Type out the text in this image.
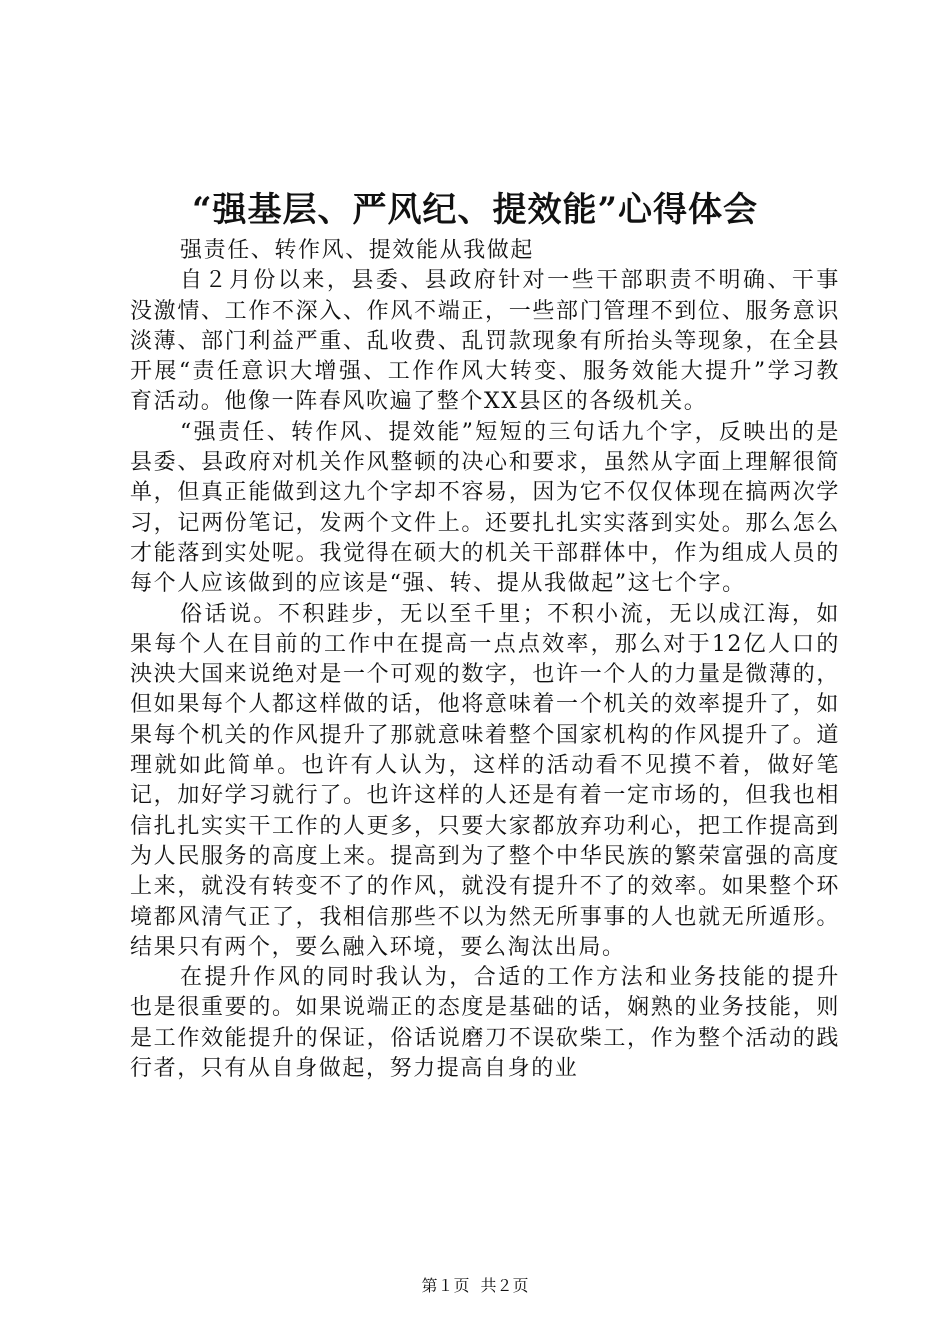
“强基层、严风纪、提效能”心得体会

强责任、转作风、提效能从我做起

自２月份以来，县委、县政府针对一些干部职责不明确、干事没激情、工作不深入、作风不端正，一些部门管理不到位、服务意识淡薄、部门利益严重、乱收费、乱罚款现象有所抬头等现象，在全县开展“责任意识大增强、工作作风大转变、服务效能大提升”学习教育活动。他像一阵春风吹遍了整个XX县区的各级机关。

“强责任、转作风、提效能”短短的三句话九个字，反映出的是县委、县政府对机关作风整顿的决心和要求，虽然从字面上理解很简单，但真正能做到这九个字却不容易，因为它不仅仅体现在搞两次学习，记两份笔记，发两个文件上。还要扎扎实实落到实处。那么怎么才能落到实处呢。我觉得在硕大的机关干部群体中，作为组成人员的每个人应该做到的应该是“强、转、提从我做起”这七个字。

俗话说。不积跬步，无以至千里；不积小流，无以成江海，如果每个人在目前的工作中在提高一点点效率，那么对于12亿人口的泱泱大国来说绝对是一个可观的数字，也许一个人的力量是微薄的，但如果每个人都这样做的话，他将意味着一个机关的效率提升了，如果每个机关的作风提升了那就意味着整个国家机构的作风提升了。道理就如此简单。也许有人认为，这样的活动看不见摸不着，做好笔记，加好学习就行了。也许这样的人还是有着一定市场的，但我也相信扎扎实实干工作的人更多，只要大家都放弃功利心，把工作提高到为人民服务的高度上来。提高到为了整个中华民族的繁荣富强的高度上来，就没有转变不了的作风，就没有提升不了的效率。如果整个环境都风清气正了，我相信那些不以为然无所事事的人也就无所遁形。结果只有两个，要么融入环境，要么淘汰出局。

在提升作风的同时我认为，合适的工作方法和业务技能的提升也是很重要的。如果说端正的态度是基础的话，娴熟的业务技能，则是工作效能提升的保证，俗话说磨刀不误砍柴工，作为整个活动的践行者，只有从自身做起，努力提高自身的业

第１页 共２页
